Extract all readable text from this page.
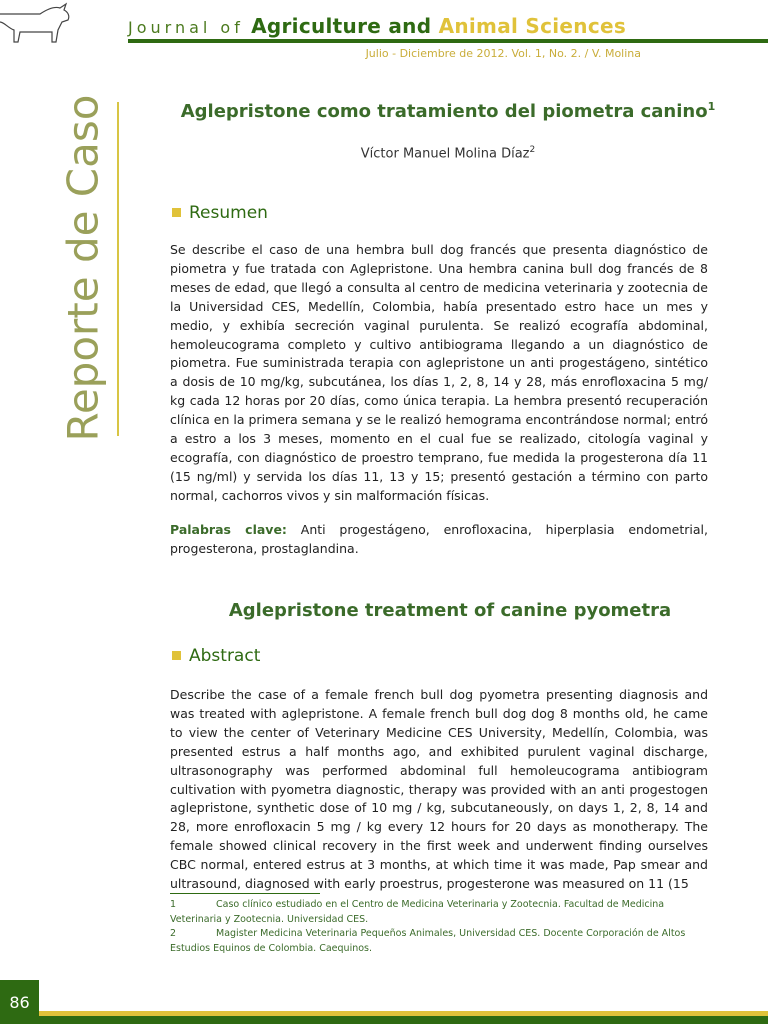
Journal of Agriculture and Animal Sciences
Julio - Diciembre de 2012. Vol. 1, No. 2. / V. Molina
Reporte de Caso	Aglepristone como tratamiento del piometra canino$^1$
Víctor Manuel Molina Díaz$^2$
Resumen
Se describe el caso de una hembra bull dog francés que presenta diagnóstico de piometra y fue tratada con Aglepristone. Una hembra canina bull dog francés de 8 meses de edad, que llegó a consulta al centro de medicina veterinaria y zootecnia de la Universidad CES, Medellín, Colombia, había presentado estro hace un mes y medio, y exhibía secreción vaginal purulenta. Se realizó ecografía abdominal, hemoleucograma completo y cultivo antibiograma llegando a un diagnóstico de piometra. Fue suministrada terapia con aglepristone un anti progestágeno, sintético a dosis de 10 mg/kg, subcutánea, los días 1, 2, 8, 14 y 28, más enrofloxacina 5 mg/ kg cada 12 horas por 20 días, como única terapia. La hembra presentó recuperación clínica en la primera semana y se le realizó hemograma encontrándose normal; entró a estro a los 3 meses, momento en el cual fue se realizado, citología vaginal y ecografía, con diagnóstico de proestro temprano, fue medida la progesterona día 11 (15 ng/ml) y servida los días 11, 13 y 15; presentó gestación a término con parto normal, cachorros vivos y sin malformación físicas.
Palabras clave: Anti progestágeno, enrofloxacina, hiperplasia endometrial, progesterona, prostaglandina.
Aglepristone treatment of canine pyometra
Abstract
Describe the case of a female french bull dog pyometra presenting diagnosis and was treated with aglepristone. A female french bull dog dog 8 months old, he came to view the center of Veterinary Medicine CES University, Medellín, Colombia, was presented estrus a half months ago, and exhibited purulent vaginal discharge, ultrasonography was performed abdominal full hemoleucograma antibiogram cultivation with pyometra diagnostic, therapy was provided with an anti progestogen aglepristone, synthetic dose of 10 mg / kg, subcutaneously, on days 1, 2, 8, 14 and 28, more enrofloxacin 5 mg / kg every 12 hours for 20 days as monotherapy. The female showed clinical recovery in the first week and underwent finding ourselves CBC normal, entered estrus at 3 months, at which time it was made, Pap smear and ultrasound, diagnosed with early proestrus, progesterone was measured on 11 (15
1	Caso clínico estudiado en el Centro de Medicina Veterinaria y Zootecnia. Facultad de Medicina Veterinaria y Zootecnia. Universidad CES.
2	Magister Medicina Veterinaria Pequeños Animales, Universidad CES. Docente Corporación de Altos Estudios Equinos de Colombia. Caequinos.
86
